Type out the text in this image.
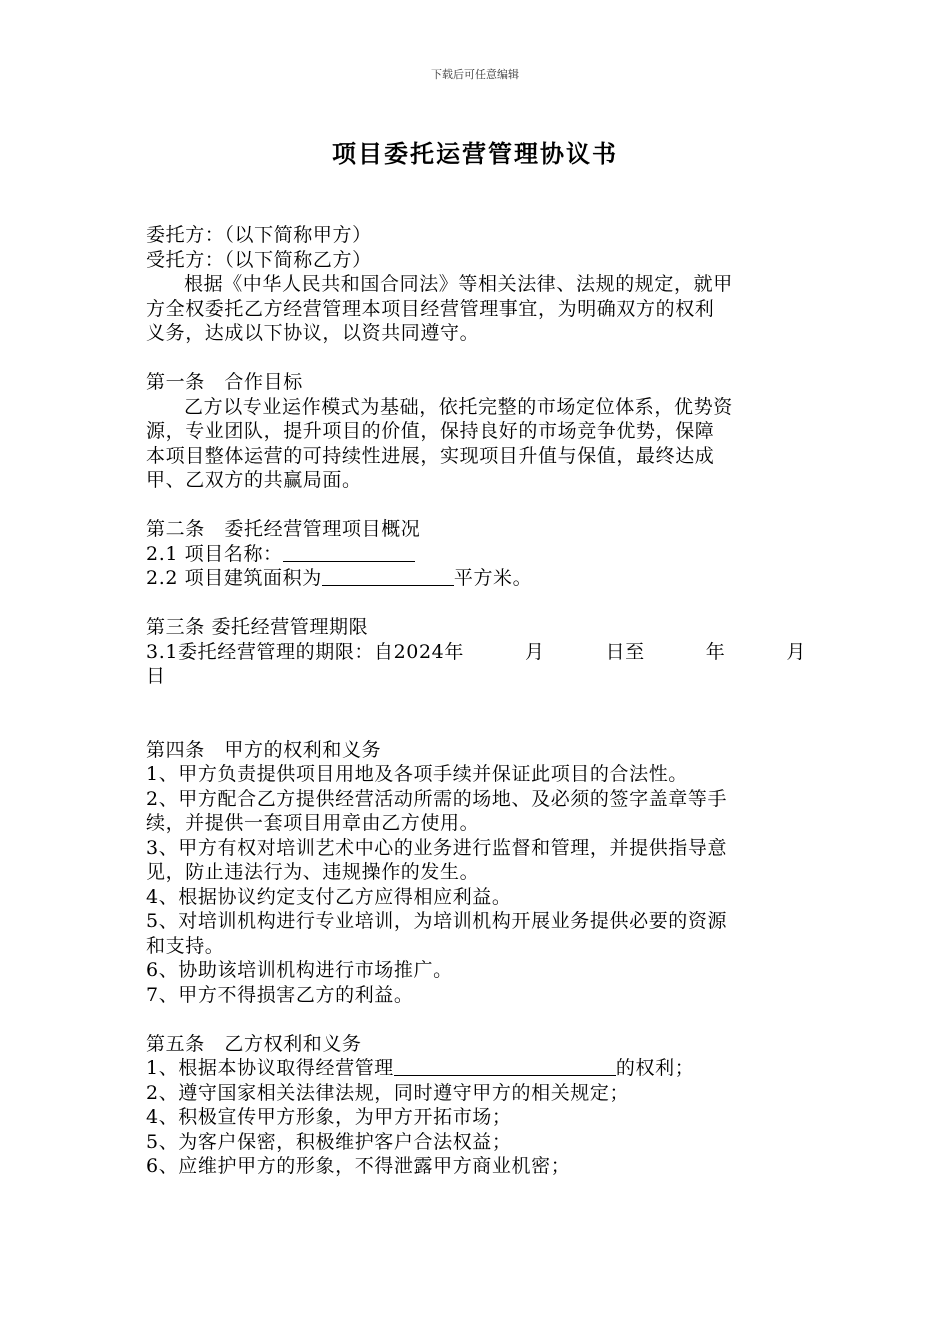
下载后可任意编辑
项目委托运营管理协议书
委托方：（以下简称甲方）
受托方：（以下简称乙方）
根据《中华人民共和国合同法》等相关法律、法规的规定，就甲
方全权委托乙方经营管理本项目经营管理事宜，为明确双方的权利
义务，达成以下协议，以资共同遵守。
第一条　合作目标
乙方以专业运作模式为基础，依托完整的市场定位体系，优势资
源，专业团队，提升项目的价值，保持良好的市场竞争优势，保障
本项目整体运营的可持续性进展，实现项目升值与保值，最终达成
甲、乙双方的共赢局面。
第二条　委托经营管理项目概况
2.1 项目名称：
2.2 项目建筑面积为	平方米。
第三条 委托经营管理期限
3.1委托经营管理的期限：自2024年	月	日至	年	月
日
第四条　甲方的权利和义务
1、甲方负责提供项目用地及各项手续并保证此项目的合法性。
2、甲方配合乙方提供经营活动所需的场地、及必须的签字盖章等手
续，并提供一套项目用章由乙方使用。
3、甲方有权对培训艺术中心的业务进行监督和管理，并提供指导意
见，防止违法行为、违规操作的发生。
4、根据协议约定支付乙方应得相应利益。
5、对培训机构进行专业培训，为培训机构开展业务提供必要的资源
和支持。
6、协助该培训机构进行市场推广。
7、甲方不得损害乙方的利益。
第五条　乙方权利和义务
1、根据本协议取得经营管理	的权利；
2、遵守国家相关法律法规，同时遵守甲方的相关规定；
4、积极宣传甲方形象，为甲方开拓市场；
5、为客户保密，积极维护客户合法权益；
6、应维护甲方的形象，不得泄露甲方商业机密；
